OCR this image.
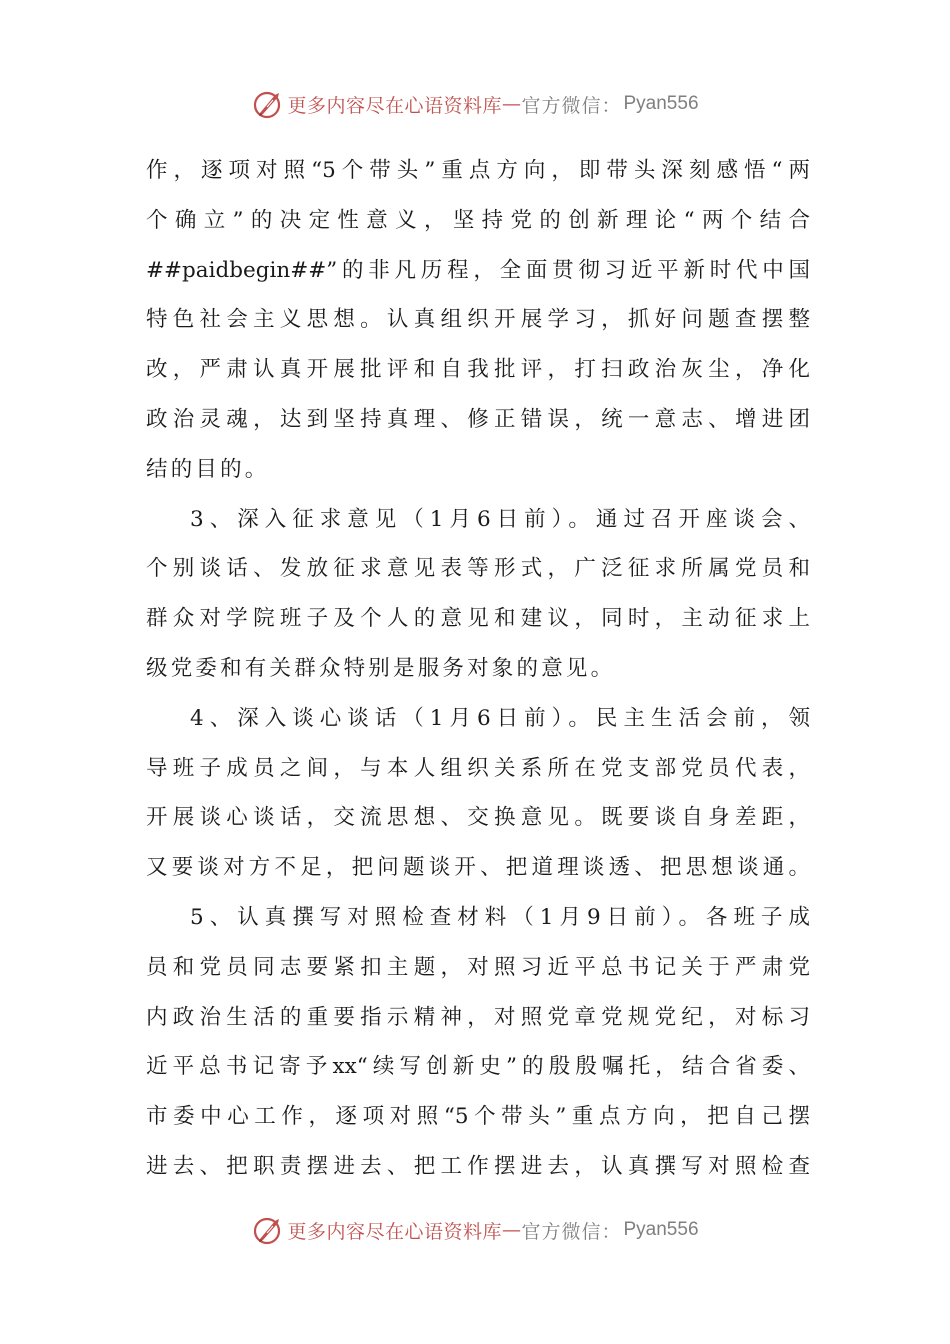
更多内容尽在心语资料库 — 官方微信： Pyan556
作，逐项对照“5个带头”重点方向，即带头深刻感悟“两
个确立”的决定性意义，坚持党的创新理论“两个结合
##paidbegin##”的非凡历程，全面贯彻习近平新时代中国
特色社会主义思想。认真组织开展学习，抓好问题查摆整
改，严肃认真开展批评和自我批评，打扫政治灰尘，净化
政治灵魂，达到坚持真理、修正错误，统一意志、增进团
结的目的。
3、深入征求意见（1月6日前）。通过召开座谈会、
个别谈话、发放征求意见表等形式，广泛征求所属党员和
群众对学院班子及个人的意见和建议，同时，主动征求上
级党委和有关群众特别是服务对象的意见。
4、深入谈心谈话（1月6日前）。民主生活会前，领
导班子成员之间，与本人组织关系所在党支部党员代表，
开展谈心谈话，交流思想、交换意见。既要谈自身差距，
又要谈对方不足，把问题谈开、把道理谈透、把思想谈通。
5、认真撰写对照检查材料（1月9日前）。各班子成
员和党员同志要紧扣主题，对照习近平总书记关于严肃党
内政治生活的重要指示精神，对照党章党规党纪，对标习
近平总书记寄予xx“续写创新史”的殷殷嘱托，结合省委、
市委中心工作，逐项对照“5个带头”重点方向，把自己摆
进去、把职责摆进去、把工作摆进去，认真撰写对照检查
更多内容尽在心语资料库 — 官方微信： Pyan556
